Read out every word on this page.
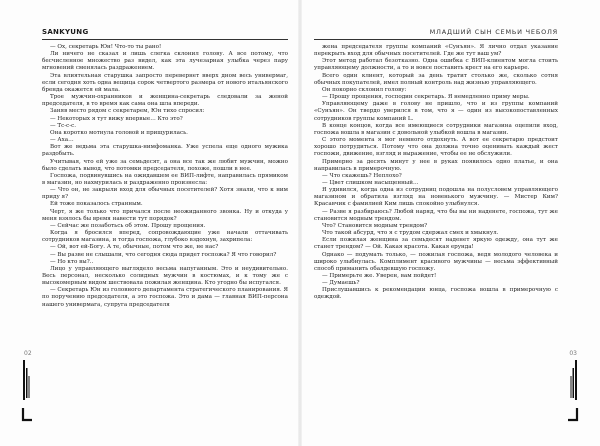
SANKYUNG

— Ох, секретарь Юн! Что-то ты рано!

Ли ничего не сказал и лишь слегка склонил голову. А все потому, что бесчисленное множество раз видел, как эта лучезарная улыбка через пару мгновений сменялась раздражением.

Эта влиятельная старушка запросто перевернет вверх дном весь универмаг, если сегодня хоть одна вещица сорок четвертого размера от нового итальянского бренда окажется ей мала.

Трое мужчин-охранников и женщина-секретарь следовали за женой председателя, в то время как сама она шла впереди.

Заняв место рядом с секретарем, Юн тихо спросил:

— Некоторых я тут вижу впервые… Кто это?

— Тс-с-с.

Она коротко мотнула головой и прищурилась.

— Аха…

Вот же ведьма эта старушка-нимфоманка. Уже успела еще одного мужика раздобыть.

Учитывая, что ей уже за семьдесят, а она все так же любит мужчин, можно было сделать вывод, что потомки председателя, похоже, пошли в нее.

Госпожа, подвинувшись на ожидавшем ее ВИП-лифте, направилась прямиком в магазин, но нахмурилась и раздраженно произнесла:

— Что он, не закрыли вход для обычных посетителей? Хотя знали, что к ним приду я?

Ей тоже показалось странным.

Черт, я же только что причался после неожиданного звонка. Ну и откуда у меня взялось бы время навести тут порядок?

— Сейчас же позаботьсь об этом. Прошу прощения.

Когда я бросился вперед, сопровождающие уже начали оттачивать сотрудников магазина, и тогда госпожа, глубоко вздохнув, захрипела:

— Ой, вот ей-Богу. А те, обычные, потом что же, не нас?

— Вы разве не слышали, что сегодня сюда придет госпожа? Я что говорил?

— Но кто вы?..

Лицо у управляющего выглядело весьма напуганным. Это и неудивительно. Весь персонал, несколько солидных мужчин в костюмах, и к тому же с высокомерным видом шествовала пожилая женщина. Кто угодно бы испугался.

— Секретарь Юн из головного департамента стратегического планирования. Я по поручению председателя, а это госпожа. Это и дама — главная ВИП-персона нашего универмага, супруга председателя

02
МЛАДШИЙ СЫН СЕМЬИ ЧЕБОЛЯ

жена председателя группы компаний «Сунъян». Я лично отдал указание перекрыть вход для обычных посетителей. Где же тут ваш ум?

Этот метод работал безотказно. Одна ошибка с ВИП-клиентом могла стоить управляющему должности, а то и вовсе поставить крест на его карьере.

Всего один клиент, который за день тратит столько же, сколько сотня обычных покупателей, имел полный контроль над жизнью управляющего.

Он покорно склонил голову:

— Прошу прощения, господин секретарь. Я немедленно приму меры.

Управляющему даже в голову не пришло, что и из группы компаний «Сунъян». Он твердо уверился в том, что я — один из высокопоставленных сотрудников группы компаний L.

В конце концов, когда все имеющиеся сотрудники магазина оцепили вход, госпожа вошла в магазин с довольной улыбкой вошла в магазин.

С этого момента я мог немного отдохнуть. А вот ее секретарю предстоит хорошо потрудиться. Потому что она должна точно оценивать каждый жест госпожи, движение, взгляд и выражение, чтобы ее не обслужили.

Примерно за десять минут у нее в руках появилось одно платье, и она направилась в примерочную.

— Что скажешь? Неплохо?

— Цвет слишком насыщенный…

Я удивился, когда одна из сотрудниц подошла на полусловем управляющего магазином и обратила взгляд на новенького мужчину. — Мистер Ким? Красавчик с фамилией Ким лишь спокойно улыбнулся.

— Разве я разбираюсь? Любой наряд, что бы вы ни наденете, госпожа, тут же становится модным трендом.

Что? Становится модным трендом?

Что такой абсурд, что я с трудом сдержал смех и хмыкнул.

Если пожилая женщина за семьдесят наденет яркую одежду, она тут же станет трендом? — Ой. Какая красота. Какая ерунда!

Однако — подумать только, — пожилая госпожа, ведя молодого человека и широко улыбнулась. Комплимент красивого мужчины — весьма эффективный способ приманить обалдевшую госпожу.

— Примерьте же. Уверен, вам пойдет!

— Думаешь?

Прислушавшись к рекомендации юнца, госпожа вошла в примерочную с одеждой.

03
